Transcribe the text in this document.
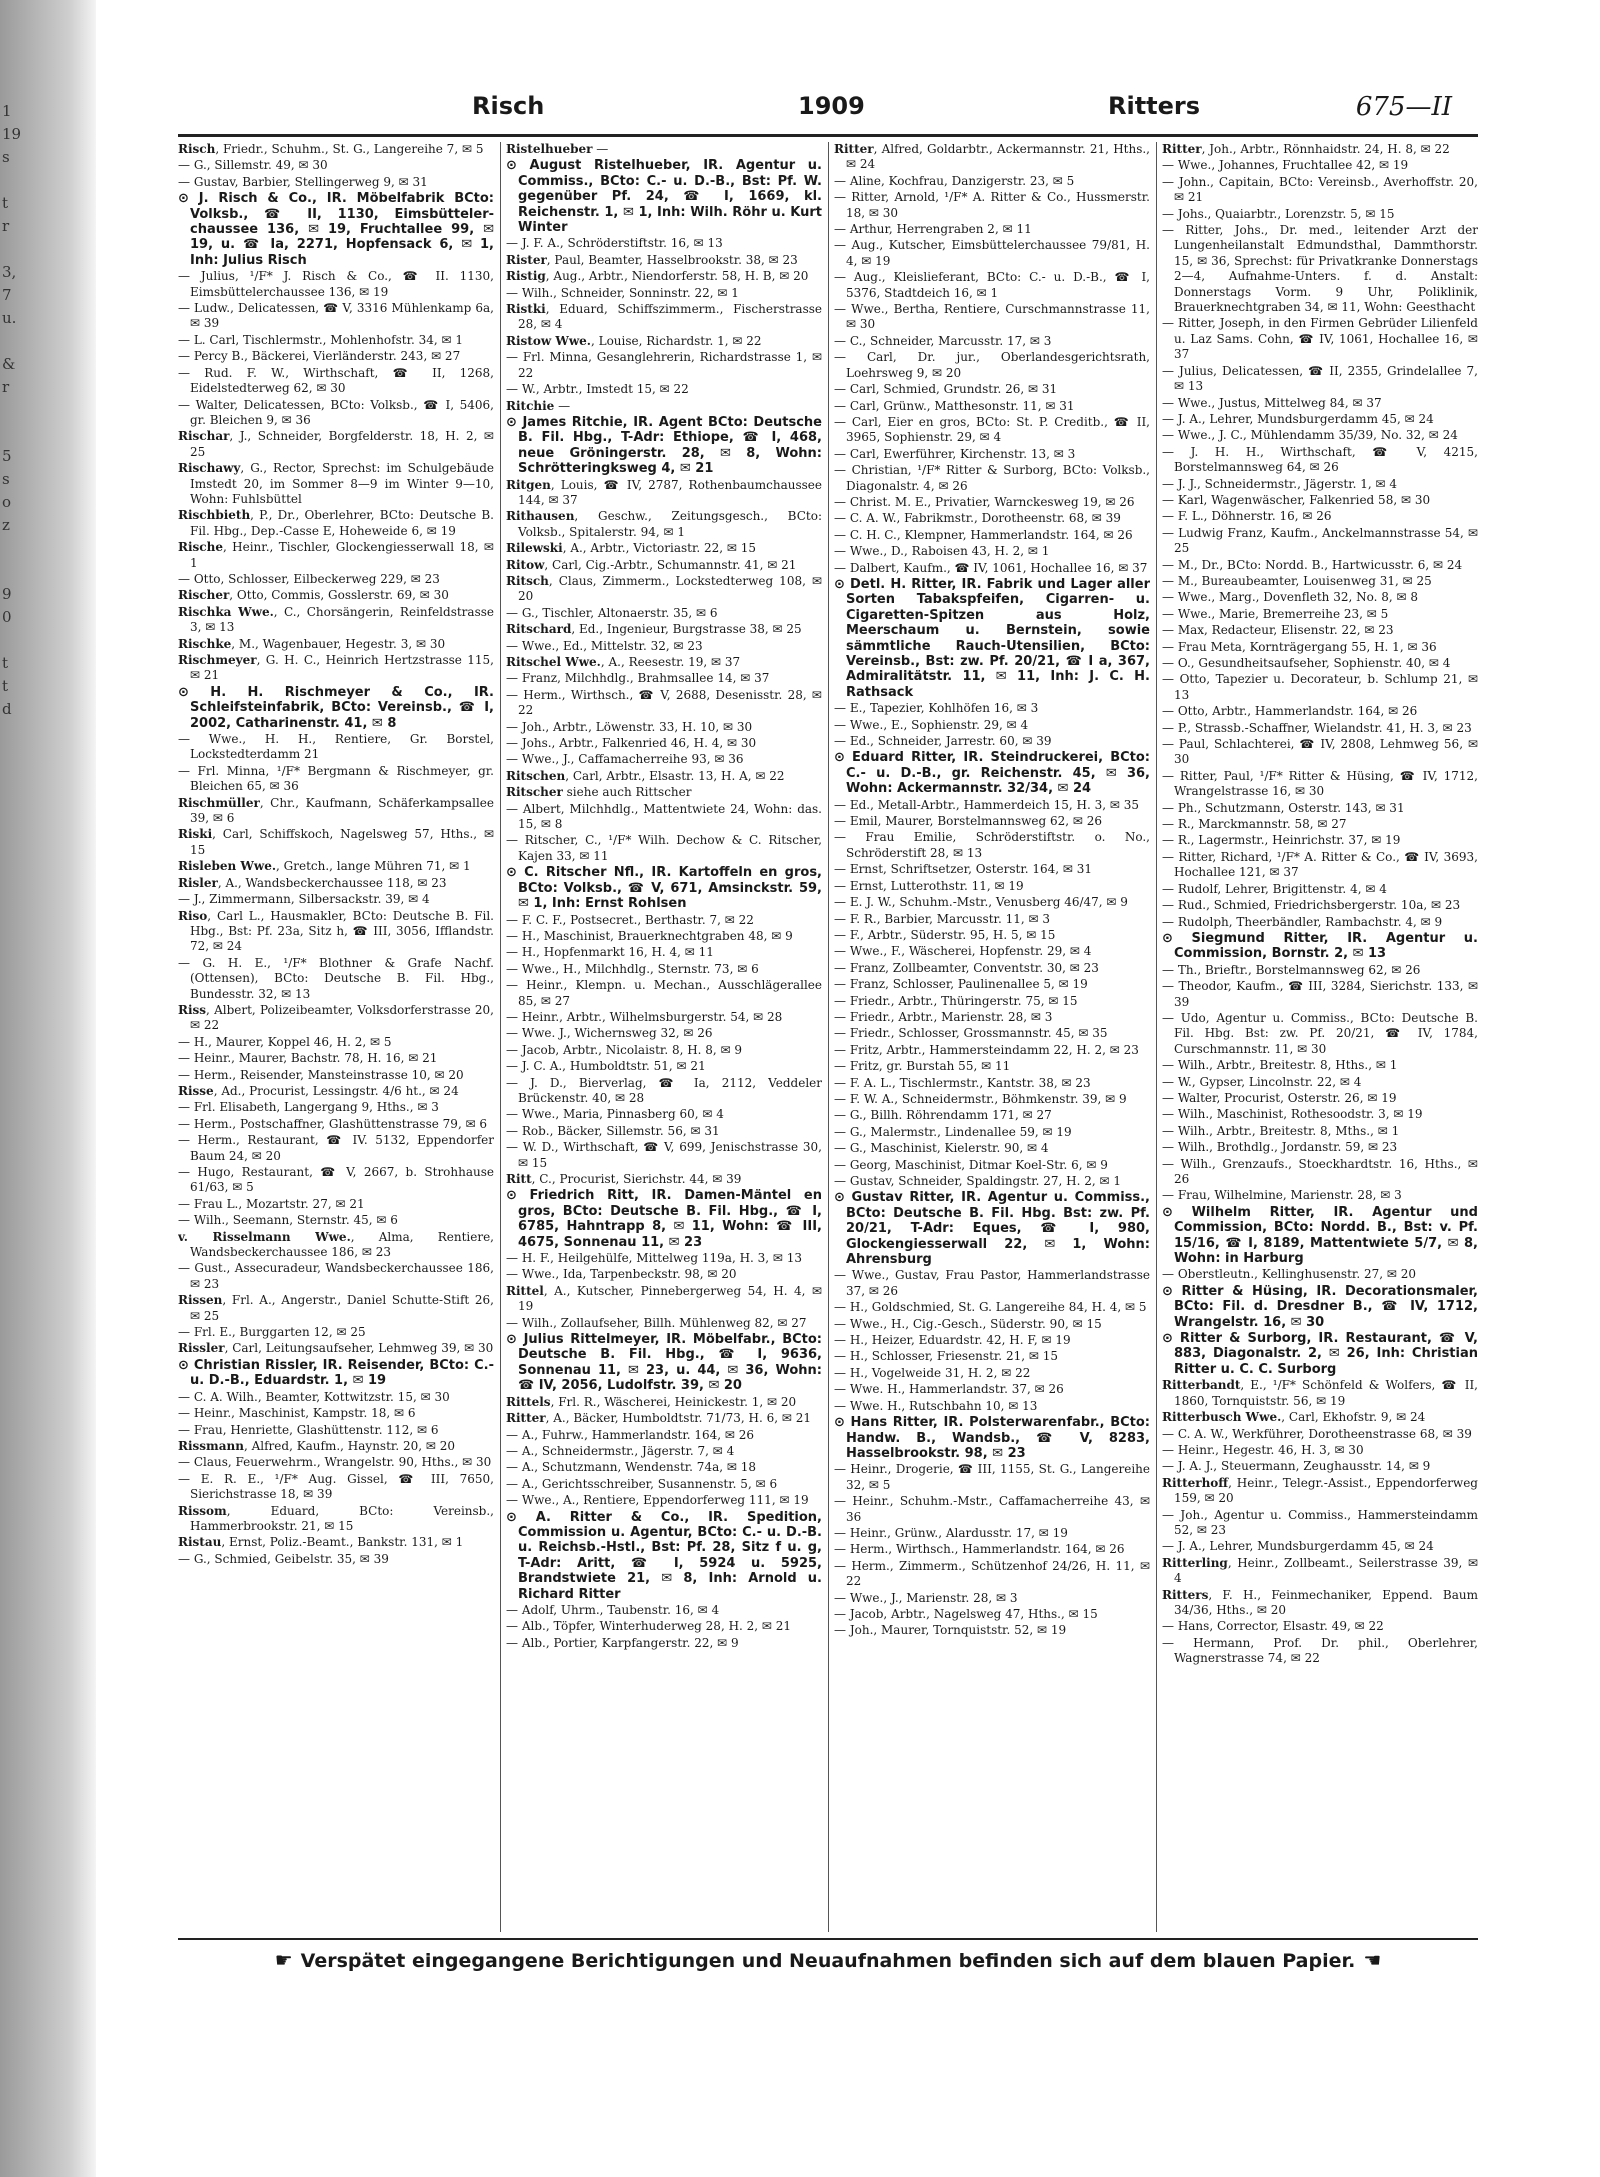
1
19
s
t
r
3,
7
u.
&
r
5
s
o
z
9
0
t
t
d
Risch	1909	Ritters	675—II
Risch, Friedr., Schuhm., St. G., Langereihe 7, ✉ 5
— G., Sillemstr. 49, ✉ 30
— Gustav, Barbier, Stellingerweg 9, ✉ 31
⊙ J. Risch & Co., IR. Möbelfabrik BCto: Volksb., ☎ II, 1130, Eimsbütteler-chaussee 136, ✉ 19, Fruchtallee 99, ✉ 19, u. ☎ Ia, 2271, Hopfensack 6, ✉ 1, Inh: Julius Risch
— Julius, ¹/F* J. Risch & Co., ☎ II. 1130, Eimsbüttelerchaussee 136, ✉ 19
— Ludw., Delicatessen, ☎ V, 3316 Mühlenkamp 6a, ✉ 39
— L. Carl, Tischlermstr., Mohlenhofstr. 34, ✉ 1
— Percy B., Bäckerei, Vierländerstr. 243, ✉ 27
— Rud. F. W., Wirthschaft, ☎ II, 1268, Eidelstedterweg 62, ✉ 30
— Walter, Delicatessen, BCto: Volksb., ☎ I, 5406, gr. Bleichen 9, ✉ 36
Rischar, J., Schneider, Borgfelderstr. 18, H. 2, ✉ 25
Rischawy, G., Rector, Sprechst: im Schulgebäude Imstedt 20, im Sommer 8—9 im Winter 9—10, Wohn: Fuhlsbüttel
Rischbieth, P., Dr., Oberlehrer, BCto: Deutsche B. Fil. Hbg., Dep.-Casse E, Hoheweide 6, ✉ 19
Rische, Heinr., Tischler, Glockengiesserwall 18, ✉ 1
— Otto, Schlosser, Eilbeckerweg 229, ✉ 23
Rischer, Otto, Commis, Gosslerstr. 69, ✉ 30
Rischka Wwe., C., Chorsängerin, Reinfeldstrasse 3, ✉ 13
Rischke, M., Wagenbauer, Hegestr. 3, ✉ 30
Rischmeyer, G. H. C., Heinrich Hertzstrasse 115, ✉ 21
⊙ H. H. Rischmeyer & Co., IR. Schleifsteinfabrik, BCto: Vereinsb., ☎ I, 2002, Catharinenstr. 41, ✉ 8
— Wwe., H. H., Rentiere, Gr. Borstel, Lockstedterdamm 21
— Frl. Minna, ¹/F* Bergmann & Rischmeyer, gr. Bleichen 65, ✉ 36
Rischmüller, Chr., Kaufmann, Schäferkampsallee 39, ✉ 6
Riski, Carl, Schiffskoch, Nagelsweg 57, Hths., ✉ 15
Risleben Wwe., Gretch., lange Mühren 71, ✉ 1
Risler, A., Wandsbeckerchaussee 118, ✉ 23
— J., Zimmermann, Silbersackstr. 39, ✉ 4
Riso, Carl L., Hausmakler, BCto: Deutsche B. Fil. Hbg., Bst: Pf. 23a, Sitz h, ☎ III, 3056, Ifflandstr. 72, ✉ 24
— G. H. E., ¹/F* Blothner & Grafe Nachf. (Ottensen), BCto: Deutsche B. Fil. Hbg., Bundesstr. 32, ✉ 13
Riss, Albert, Polizeibeamter, Volksdorferstrasse 20, ✉ 22
— H., Maurer, Koppel 46, H. 2, ✉ 5
— Heinr., Maurer, Bachstr. 78, H. 16, ✉ 21
— Herm., Reisender, Mansteinstrasse 10, ✉ 20
Risse, Ad., Procurist, Lessingstr. 4/6 ht., ✉ 24
— Frl. Elisabeth, Langergang 9, Hths., ✉ 3
— Herm., Postschaffner, Glashüttenstrasse 79, ✉ 6
— Herm., Restaurant, ☎ IV. 5132, Eppendorfer Baum 24, ✉ 20
— Hugo, Restaurant, ☎ V, 2667, b. Strohhause 61/63, ✉ 5
— Frau L., Mozartstr. 27, ✉ 21
— Wilh., Seemann, Sternstr. 45, ✉ 6
v. Risselmann Wwe., Alma, Rentiere, Wandsbeckerchaussee 186, ✉ 23
— Gust., Assecuradeur, Wandsbeckerchaussee 186, ✉ 23
Rissen, Frl. A., Angerstr., Daniel Schutte-Stift 26, ✉ 25
— Frl. E., Burggarten 12, ✉ 25
Rissler, Carl, Leitungsaufseher, Lehmweg 39, ✉ 30
⊙ Christian Rissler, IR. Reisender, BCto: C.- u. D.-B., Eduardstr. 1, ✉ 19
— C. A. Wilh., Beamter, Kottwitzstr. 15, ✉ 30
— Heinr., Maschinist, Kampstr. 18, ✉ 6
— Frau, Henriette, Glashüttenstr. 112, ✉ 6
Rissmann, Alfred, Kaufm., Haynstr. 20, ✉ 20
— Claus, Feuerwehrm., Wrangelstr. 90, Hths., ✉ 30
— E. R. E., ¹/F* Aug. Gissel, ☎ III, 7650, Sierichstrasse 18, ✉ 39
Rissom, Eduard, BCto: Vereinsb., Hammerbrookstr. 21, ✉ 15
Ristau, Ernst, Poliz.-Beamt., Bankstr. 131, ✉ 1
— G., Schmied, Geibelstr. 35, ✉ 39
Ristelhueber —
⊙ August Ristelhueber, IR. Agentur u. Commiss., BCto: C.- u. D.-B., Bst: Pf. W. gegenüber Pf. 24, ☎ I, 1669, kl. Reichenstr. 1, ✉ 1, Inh: Wilh. Röhr u. Kurt Winter
— J. F. A., Schröderstiftstr. 16, ✉ 13
Rister, Paul, Beamter, Hasselbrookstr. 38, ✉ 23
Ristig, Aug., Arbtr., Niendorferstr. 58, H. B, ✉ 20
— Wilh., Schneider, Sonninstr. 22, ✉ 1
Ristki, Eduard, Schiffszimmerm., Fischerstrasse 28, ✉ 4
Ristow Wwe., Louise, Richardstr. 1, ✉ 22
— Frl. Minna, Gesanglehrerin, Richardstrasse 1, ✉ 22
— W., Arbtr., Imstedt 15, ✉ 22
Ritchie —
⊙ James Ritchie, IR. Agent BCto: Deutsche B. Fil. Hbg., T-Adr: Ethiope, ☎ I, 468, neue Gröningerstr. 28, ✉ 8, Wohn: Schrötteringksweg 4, ✉ 21
Ritgen, Louis, ☎ IV, 2787, Rothenbaumchaussee 144, ✉ 37
Rithausen, Geschw., Zeitungsgesch., BCto: Volksb., Spitalerstr. 94, ✉ 1
Rilewski, A., Arbtr., Victoriastr. 22, ✉ 15
Ritow, Carl, Cig.-Arbtr., Schumannstr. 41, ✉ 21
Ritsch, Claus, Zimmerm., Lockstedterweg 108, ✉ 20
— G., Tischler, Altonaerstr. 35, ✉ 6
Ritschard, Ed., Ingenieur, Burgstrasse 38, ✉ 25
— Wwe., Ed., Mittelstr. 32, ✉ 23
Ritschel Wwe., A., Reesestr. 19, ✉ 37
— Franz, Milchhdlg., Brahmsallee 14, ✉ 37
— Herm., Wirthsch., ☎ V, 2688, Desenisstr. 28, ✉ 22
— Joh., Arbtr., Löwenstr. 33, H. 10, ✉ 30
— Johs., Arbtr., Falkenried 46, H. 4, ✉ 30
— Wwe., J., Caffamacherreihe 93, ✉ 36
Ritschen, Carl, Arbtr., Elsastr. 13, H. A, ✉ 22
Ritscher siehe auch Rittscher
— Albert, Milchhdlg., Mattentwiete 24, Wohn: das. 15, ✉ 8
— Ritscher, C., ¹/F* Wilh. Dechow & C. Ritscher, Kajen 33, ✉ 11
⊙ C. Ritscher Nfl., IR. Kartoffeln en gros, BCto: Volksb., ☎ V, 671, Amsinckstr. 59, ✉ 1, Inh: Ernst Rohlsen
— F. C. F., Postsecret., Berthastr. 7, ✉ 22
— H., Maschinist, Brauerknechtgraben 48, ✉ 9
— H., Hopfenmarkt 16, H. 4, ✉ 11
— Wwe., H., Milchhdlg., Sternstr. 73, ✉ 6
— Heinr., Klempn. u. Mechan., Ausschlägerallee 85, ✉ 27
— Heinr., Arbtr., Wilhelmsburgerstr. 54, ✉ 28
— Wwe. J., Wichernsweg 32, ✉ 26
— Jacob, Arbtr., Nicolaistr. 8, H. 8, ✉ 9
— J. C. A., Humboldtstr. 51, ✉ 21
— J. D., Bierverlag, ☎ Ia, 2112, Veddeler Brückenstr. 40, ✉ 28
— Wwe., Maria, Pinnasberg 60, ✉ 4
— Rob., Bäcker, Sillemstr. 56, ✉ 31
— W. D., Wirthschaft, ☎ V, 699, Jenischstrasse 30, ✉ 15
Ritt, C., Procurist, Sierichstr. 44, ✉ 39
⊙ Friedrich Ritt, IR. Damen-Mäntel en gros, BCto: Deutsche B. Fil. Hbg., ☎ I, 6785, Hahntrapp 8, ✉ 11, Wohn: ☎ III, 4675, Sonnenau 11, ✉ 23
— H. F., Heilgehülfe, Mittelweg 119a, H. 3, ✉ 13
— Wwe., Ida, Tarpenbeckstr. 98, ✉ 20
Rittel, A., Kutscher, Pinnebergerweg 54, H. 4, ✉ 19
— Wilh., Zollaufseher, Billh. Mühlenweg 82, ✉ 27
⊙ Julius Rittelmeyer, IR. Möbelfabr., BCto: Deutsche B. Fil. Hbg., ☎ I, 9636, Sonnenau 11, ✉ 23, u. 44, ✉ 36, Wohn: ☎ IV, 2056, Ludolfstr. 39, ✉ 20
Rittels, Frl. R., Wäscherei, Heinickestr. 1, ✉ 20
Ritter, A., Bäcker, Humboldtstr. 71/73, H. 6, ✉ 21
— A., Fuhrw., Hammerlandstr. 164, ✉ 26
— A., Schneidermstr., Jägerstr. 7, ✉ 4
— A., Schutzmann, Wendenstr. 74a, ✉ 18
— A., Gerichtsschreiber, Susannenstr. 5, ✉ 6
— Wwe., A., Rentiere, Eppendorferweg 111, ✉ 19
⊙ A. Ritter & Co., IR. Spedition, Commission u. Agentur, BCto: C.- u. D.-B. u. Reichsb.-Hstl., Bst: Pf. 28, Sitz f u. g, T-Adr: Aritt, ☎ I, 5924 u. 5925, Brandstwiete 21, ✉ 8, Inh: Arnold u. Richard Ritter
— Adolf, Uhrm., Taubenstr. 16, ✉ 4
— Alb., Töpfer, Winterhuderweg 28, H. 2, ✉ 21
— Alb., Portier, Karpfangerstr. 22, ✉ 9
Ritter, Alfred, Goldarbtr., Ackermannstr. 21, Hths., ✉ 24
— Aline, Kochfrau, Danzigerstr. 23, ✉ 5
— Ritter, Arnold, ¹/F* A. Ritter & Co., Hussmerstr. 18, ✉ 30
— Arthur, Herrengraben 2, ✉ 11
— Aug., Kutscher, Eimsbüttelerchaussee 79/81, H. 4, ✉ 19
— Aug., Kleislieferant, BCto: C.- u. D.-B., ☎ I, 5376, Stadtdeich 16, ✉ 1
— Wwe., Bertha, Rentiere, Curschmannstrasse 11, ✉ 30
— C., Schneider, Marcusstr. 17, ✉ 3
— Carl, Dr. jur., Oberlandesgerichtsrath, Loehrsweg 9, ✉ 20
— Carl, Schmied, Grundstr. 26, ✉ 31
— Carl, Grünw., Matthesonstr. 11, ✉ 31
— Carl, Eier en gros, BCto: St. P. Creditb., ☎ II, 3965, Sophienstr. 29, ✉ 4
— Carl, Ewerführer, Kirchenstr. 13, ✉ 3
— Christian, ¹/F* Ritter & Surborg, BCto: Volksb., Diagonalstr. 4, ✉ 26
— Christ. M. E., Privatier, Warnckesweg 19, ✉ 26
— C. A. W., Fabrikmstr., Dorotheenstr. 68, ✉ 39
— C. H. C., Klempner, Hammerlandstr. 164, ✉ 26
— Wwe., D., Raboisen 43, H. 2, ✉ 1
— Dalbert, Kaufm., ☎ IV, 1061, Hochallee 16, ✉ 37
⊙ Detl. H. Ritter, IR. Fabrik und Lager aller Sorten Tabakspfeifen, Cigarren- u. Cigaretten-Spitzen aus Holz, Meerschaum u. Bernstein, sowie sämmtliche Rauch-Utensilien, BCto: Vereinsb., Bst: zw. Pf. 20/21, ☎ I a, 367, Admiralitätstr. 11, ✉ 11, Inh: J. C. H. Rathsack
— E., Tapezier, Kohlhöfen 16, ✉ 3
— Wwe., E., Sophienstr. 29, ✉ 4
— Ed., Schneider, Jarrestr. 60, ✉ 39
⊙ Eduard Ritter, IR. Steindruckerei, BCto: C.- u. D.-B., gr. Reichenstr. 45, ✉ 36, Wohn: Ackermannstr. 32/34, ✉ 24
— Ed., Metall-Arbtr., Hammerdeich 15, H. 3, ✉ 35
— Emil, Maurer, Borstelmannsweg 62, ✉ 26
— Frau Emilie, Schröderstiftstr. o. No., Schröderstift 28, ✉ 13
— Ernst, Schriftsetzer, Osterstr. 164, ✉ 31
— Ernst, Lutterothstr. 11, ✉ 19
— E. J. W., Schuhm.-Mstr., Venusberg 46/47, ✉ 9
— F. R., Barbier, Marcusstr. 11, ✉ 3
— F., Arbtr., Süderstr. 95, H. 5, ✉ 15
— Wwe., F., Wäscherei, Hopfenstr. 29, ✉ 4
— Franz, Zollbeamter, Conventstr. 30, ✉ 23
— Franz, Schlosser, Paulinenallee 5, ✉ 19
— Friedr., Arbtr., Thüringerstr. 75, ✉ 15
— Friedr., Arbtr., Marienstr. 28, ✉ 3
— Friedr., Schlosser, Grossmannstr. 45, ✉ 35
— Fritz, Arbtr., Hammersteindamm 22, H. 2, ✉ 23
— Fritz, gr. Burstah 55, ✉ 11
— F. A. L., Tischlermstr., Kantstr. 38, ✉ 23
— F. W. A., Schneidermstr., Böhmkenstr. 39, ✉ 9
— G., Billh. Röhrendamm 171, ✉ 27
— G., Malermstr., Lindenallee 59, ✉ 19
— G., Maschinist, Kielerstr. 90, ✉ 4
— Georg, Maschinist, Ditmar Koel-Str. 6, ✉ 9
— Gustav, Schneider, Spaldingstr. 27, H. 2, ✉ 1
⊙ Gustav Ritter, IR. Agentur u. Commiss., BCto: Deutsche B. Fil. Hbg. Bst: zw. Pf. 20/21, T-Adr: Eques, ☎ I, 980, Glockengiesserwall 22, ✉ 1, Wohn: Ahrensburg
— Wwe., Gustav, Frau Pastor, Hammerlandstrasse 37, ✉ 26
— H., Goldschmied, St. G. Langereihe 84, H. 4, ✉ 5
— Wwe., H., Cig.-Gesch., Süderstr. 90, ✉ 15
— H., Heizer, Eduardstr. 42, H. F, ✉ 19
— H., Schlosser, Friesenstr. 21, ✉ 15
— H., Vogelweide 31, H. 2, ✉ 22
— Wwe. H., Hammerlandstr. 37, ✉ 26
— Wwe. H., Rutschbahn 10, ✉ 13
⊙ Hans Ritter, IR. Polsterwarenfabr., BCto: Handw. B., Wandsb., ☎ V, 8283, Hasselbrookstr. 98, ✉ 23
— Heinr., Drogerie, ☎ III, 1155, St. G., Langereihe 32, ✉ 5
— Heinr., Schuhm.-Mstr., Caffamacherreihe 43, ✉ 36
— Heinr., Grünw., Alardusstr. 17, ✉ 19
— Herm., Wirthsch., Hammerlandstr. 164, ✉ 26
— Herm., Zimmerm., Schützenhof 24/26, H. 11, ✉ 22
— Wwe., J., Marienstr. 28, ✉ 3
— Jacob, Arbtr., Nagelsweg 47, Hths., ✉ 15
— Joh., Maurer, Tornquiststr. 52, ✉ 19
Ritter, Joh., Arbtr., Rönnhaidstr. 24, H. 8, ✉ 22
— Wwe., Johannes, Fruchtallee 42, ✉ 19
— John., Capitain, BCto: Vereinsb., Averhoffstr. 20, ✉ 21
— Johs., Quaiarbtr., Lorenzstr. 5, ✉ 15
— Ritter, Johs., Dr. med., leitender Arzt der Lungenheilanstalt Edmundsthal, Dammthorstr. 15, ✉ 36, Sprechst: für Privatkranke Donnerstags 2—4, Aufnahme-Unters. f. d. Anstalt: Donnerstags Vorm. 9 Uhr, Poliklinik, Brauerknechtgraben 34, ✉ 11, Wohn: Geesthacht
— Ritter, Joseph, in den Firmen Gebrüder Lilienfeld u. Laz Sams. Cohn, ☎ IV, 1061, Hochallee 16, ✉ 37
— Julius, Delicatessen, ☎ II, 2355, Grindelallee 7, ✉ 13
— Wwe., Justus, Mittelweg 84, ✉ 37
— J. A., Lehrer, Mundsburgerdamm 45, ✉ 24
— Wwe., J. C., Mühlendamm 35/39, No. 32, ✉ 24
— J. H. H., Wirthschaft, ☎ V, 4215, Borstelmannsweg 64, ✉ 26
— J. J., Schneidermstr., Jägerstr. 1, ✉ 4
— Karl, Wagenwäscher, Falkenried 58, ✉ 30
— F. L., Döhnerstr. 16, ✉ 26
— Ludwig Franz, Kaufm., Anckelmannstrasse 54, ✉ 25
— M., Dr., BCto: Nordd. B., Hartwicusstr. 6, ✉ 24
— M., Bureaubeamter, Louisenweg 31, ✉ 25
— Wwe., Marg., Dovenfleth 32, No. 8, ✉ 8
— Wwe., Marie, Bremerreihe 23, ✉ 5
— Max, Redacteur, Elisenstr. 22, ✉ 23
— Frau Meta, Kornträgergang 55, H. 1, ✉ 36
— O., Gesundheitsaufseher, Sophienstr. 40, ✉ 4
— Otto, Tapezier u. Decorateur, b. Schlump 21, ✉ 13
— Otto, Arbtr., Hammerlandstr. 164, ✉ 26
— P., Strassb.-Schaffner, Wielandstr. 41, H. 3, ✉ 23
— Paul, Schlachterei, ☎ IV, 2808, Lehmweg 56, ✉ 30
— Ritter, Paul, ¹/F* Ritter & Hüsing, ☎ IV, 1712, Wrangelstrasse 16, ✉ 30
— Ph., Schutzmann, Osterstr. 143, ✉ 31
— R., Marckmannstr. 58, ✉ 27
— R., Lagermstr., Heinrichstr. 37, ✉ 19
— Ritter, Richard, ¹/F* A. Ritter & Co., ☎ IV, 3693, Hochallee 121, ✉ 37
— Rudolf, Lehrer, Brigittenstr. 4, ✉ 4
— Rud., Schmied, Friedrichsbergerstr. 10a, ✉ 23
— Rudolph, Theerbändler, Rambachstr. 4, ✉ 9
⊙ Siegmund Ritter, IR. Agentur u. Commission, Bornstr. 2, ✉ 13
— Th., Brieftr., Borstelmannsweg 62, ✉ 26
— Theodor, Kaufm., ☎ III, 3284, Sierichstr. 133, ✉ 39
— Udo, Agentur u. Commiss., BCto: Deutsche B. Fil. Hbg. Bst: zw. Pf. 20/21, ☎ IV, 1784, Curschmannstr. 11, ✉ 30
— Wilh., Arbtr., Breitestr. 8, Hths., ✉ 1
— W., Gypser, Lincolnstr. 22, ✉ 4
— Walter, Procurist, Osterstr. 26, ✉ 19
— Wilh., Maschinist, Rothesoodstr. 3, ✉ 19
— Wilh., Arbtr., Breitestr. 8, Mths., ✉ 1
— Wilh., Brothdlg., Jordanstr. 59, ✉ 23
— Wilh., Grenzaufs., Stoeckhardtstr. 16, Hths., ✉ 26
— Frau, Wilhelmine, Marienstr. 28, ✉ 3
⊙ Wilhelm Ritter, IR. Agentur und Commission, BCto: Nordd. B., Bst: v. Pf. 15/16, ☎ I, 8189, Mattentwiete 5/7, ✉ 8, Wohn: in Harburg
— Oberstleutn., Kellinghusenstr. 27, ✉ 20
⊙ Ritter & Hüsing, IR. Decorationsmaler, BCto: Fil. d. Dresdner B., ☎ IV, 1712, Wrangelstr. 16, ✉ 30
⊙ Ritter & Surborg, IR. Restaurant, ☎ V, 883, Diagonalstr. 2, ✉ 26, Inh: Christian Ritter u. C. C. Surborg
Ritterbandt, E., ¹/F* Schönfeld & Wolfers, ☎ II, 1860, Tornquiststr. 56, ✉ 19
Ritterbusch Wwe., Carl, Ekhofstr. 9, ✉ 24
— C. A. W., Werkführer, Dorotheenstrasse 68, ✉ 39
— Heinr., Hegestr. 46, H. 3, ✉ 30
— J. A. J., Steuermann, Zeughausstr. 14, ✉ 9
Ritterhoff, Heinr., Telegr.-Assist., Eppendorferweg 159, ✉ 20
— Joh., Agentur u. Commiss., Hammersteindamm 52, ✉ 23
— J. A., Lehrer, Mundsburgerdamm 45, ✉ 24
Ritterling, Heinr., Zollbeamt., Seilerstrasse 39, ✉ 4
Ritters, F. H., Feinmechaniker, Eppend. Baum 34/36, Hths., ✉ 20
— Hans, Corrector, Elsastr. 49, ✉ 22
— Hermann, Prof. Dr. phil., Oberlehrer, Wagnerstrasse 74, ✉ 22
☛ Verspätet eingegangene Berichtigungen und Neuaufnahmen befinden sich auf dem blauen Papier. ☚
